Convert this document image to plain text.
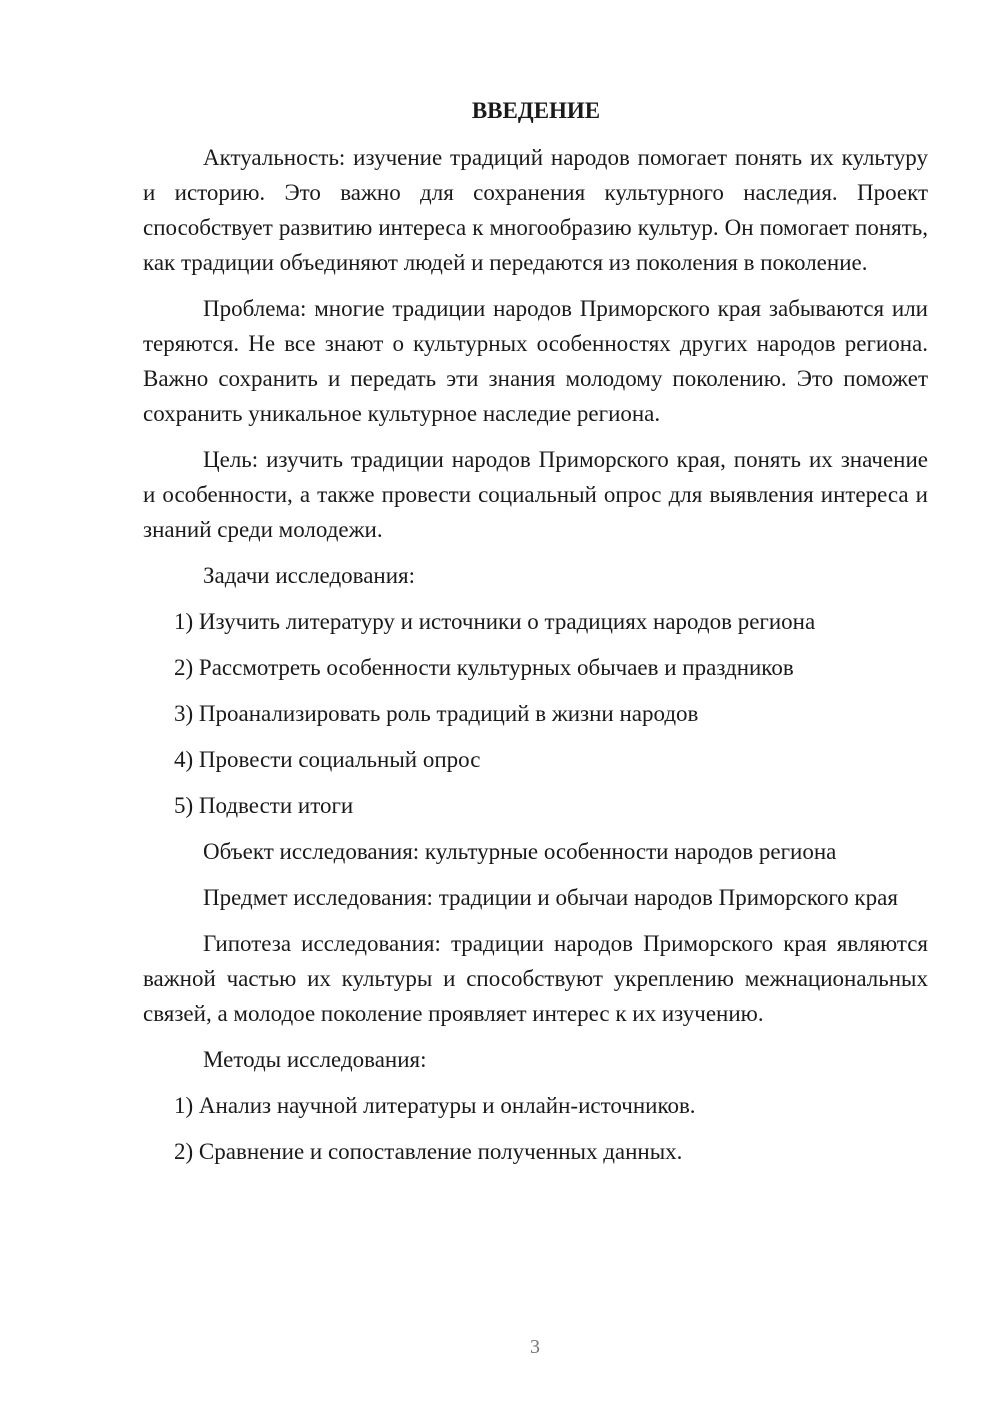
ВВЕДЕНИЕ

Актуальность: изучение традиций народов помогает понять их культуру и историю. Это важно для сохранения культурного наследия. Проект способствует развитию интереса к многообразию культур. Он помогает понять, как традиции объединяют людей и передаются из поколения в поколение.

Проблема: многие традиции народов Приморского края забываются или теряются. Не все знают о культурных особенностях других народов региона. Важно сохранить и передать эти знания молодому поколению. Это поможет сохранить уникальное культурное наследие региона.

Цель: изучить традиции народов Приморского края, понять их значение и особенности, а также провести социальный опрос для выявления интереса и знаний среди молодежи.

Задачи исследования:

1) Изучить литературу и источники о традициях народов региона
2) Рассмотреть особенности культурных обычаев и праздников
3) Проанализировать роль традиций в жизни народов
4) Провести социальный опрос
5) Подвести итоги

Объект исследования: культурные особенности народов региона

Предмет исследования: традиции и обычаи народов Приморского края

Гипотеза исследования: традиции народов Приморского края являются важной частью их культуры и способствуют укреплению межнациональных связей, а молодое поколение проявляет интерес к их изучению.

Методы исследования:

1) Анализ научной литературы и онлайн-источников.
2) Сравнение и сопоставление полученных данных.
3
